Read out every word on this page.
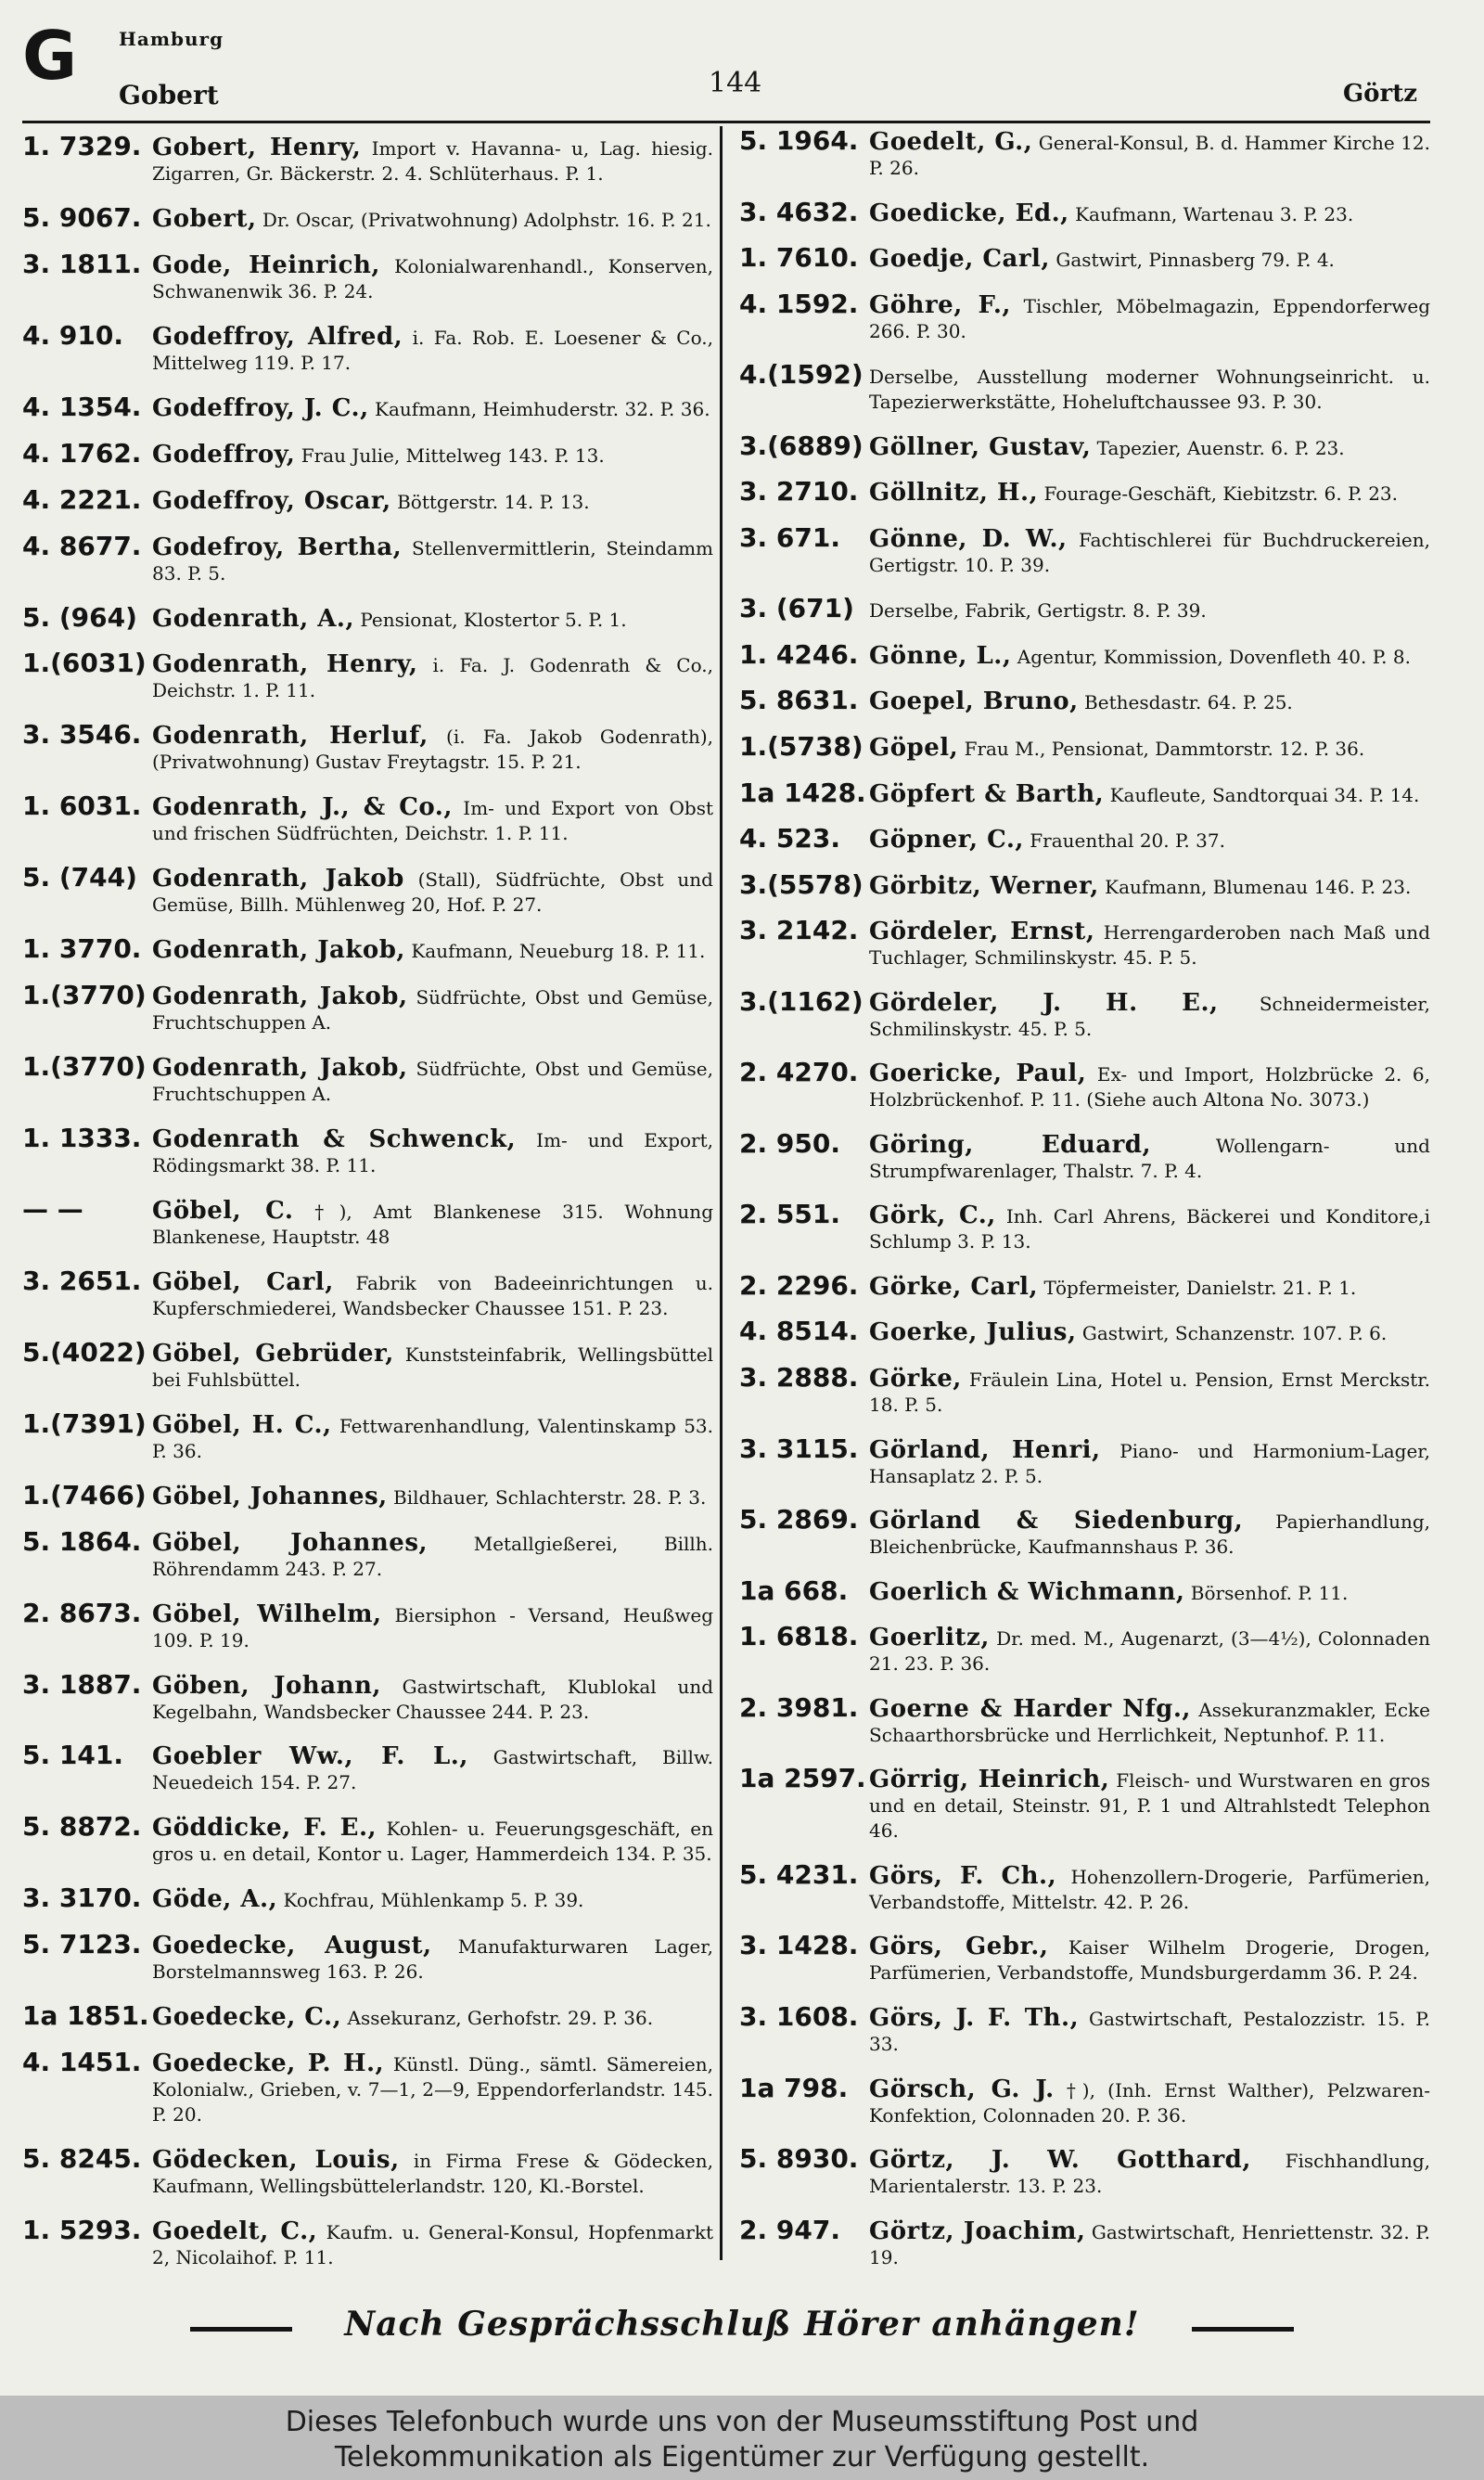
G Hamburg
Gobert	144	Görtz
1. 7329. Gobert, Henry, Import v. Havanna- u, Lag. hiesig. Zigarren, Gr. Bäckerstr. 2. 4. Schlüterhaus. P. 1.
5. 9067. Gobert, Dr. Oscar, (Privatwohnung) Adolphstr. 16. P. 21.
3. 1811. Gode, Heinrich, Kolonialwarenhandl., Konserven, Schwanenwik 36. P. 24.
4. 910.	Godeffroy, Alfred, i. Fa. Rob. E. Loesener & Co., Mittelweg 119. P. 17.
4. 1354. Godeffroy, J. C., Kaufmann, Heimhuderstr. 32. P. 36.
4. 1762. Godeffroy, Frau Julie, Mittelweg 143. P. 13.
4. 2221. Godeffroy, Oscar, Böttgerstr. 14. P. 13.
4. 8677. Godefroy, Bertha, Stellenvermittlerin, Steindamm 83. P. 5.
5. (964) Godenrath, A., Pensionat, Klostertor 5. P. 1.
1.(6031) Godenrath, Henry, i. Fa. J. Godenrath & Co., Deichstr. 1. P. 11.
3. 3546. Godenrath, Herluf, (i. Fa. Jakob Godenrath), (Privatwohnung) Gustav Freytagstr. 15. P. 21.
1. 6031. Godenrath, J., & Co., Im- und Export von Obst und frischen Südfrüchten, Deichstr. 1. P. 11.
5. (744) Godenrath, Jakob (Stall), Südfrüchte, Obst und Gemüse, Billh. Mühlenweg 20, Hof. P. 27.
1. 3770. Godenrath, Jakob, Kaufmann, Neueburg 18. P. 11.
1.(3770) Godenrath, Jakob, Südfrüchte, Obst und Gemüse, Fruchtschuppen A.
1.(3770) Godenrath, Jakob, Südfrüchte, Obst und Gemüse, Fruchtschuppen A.
1. 1333. Godenrath & Schwenck, Im- und Export, Rödingsmarkt 38. P. 11.
— —	Göbel, C. †), Amt Blankenese 315. Wohnung Blankenese, Hauptstr. 48
3. 2651. Göbel, Carl, Fabrik von Badeeinrichtungen u. Kupferschmiederei, Wandsbecker Chaussee 151. P. 23.
5.(4022) Göbel, Gebrüder, Kunststeinfabrik, Wellingsbüttel bei Fuhlsbüttel.
1.(7391) Göbel, H. C., Fettwarenhandlung, Valentinskamp 53. P. 36.
1.(7466) Göbel, Johannes, Bildhauer, Schlachterstr. 28. P. 3.
5. 1864. Göbel, Johannes, Metallgießerei, Billh. Röhrendamm 243. P. 27.
2. 8673. Göbel, Wilhelm, Biersiphon - Versand, Heußweg 109. P. 19.
3. 1887. Göben, Johann, Gastwirtschaft, Klublokal und Kegelbahn, Wandsbecker Chaussee 244. P. 23.
5. 141.	Goebler Ww., F. L., Gastwirtschaft, Billw. Neuedeich 154. P. 27.
5. 8872. Göddicke, F. E., Kohlen- u. Feuerungsgeschäft, en gros u. en detail, Kontor u. Lager, Hammerdeich 134. P. 35.
3. 3170. Göde, A., Kochfrau, Mühlenkamp 5. P. 39.
5. 7123. Goedecke, August, Manufakturwaren Lager, Borstelmannsweg 163. P. 26.
1a 1851. Goedecke, C., Assekuranz, Gerhofstr. 29. P. 36.
4. 1451. Goedecke, P. H., Künstl. Düng., sämtl. Sämereien, Kolonialw., Grieben, v. 7—1, 2—9, Eppendorferlandstr. 145. P. 20.
5. 8245. Gödecken, Louis, in Firma Frese & Gödecken, Kaufmann, Wellingsbüttelerlandstr. 120, Kl.-Borstel.
1. 5293. Goedelt, C., Kaufm. u. General-Konsul, Hopfenmarkt 2, Nicolaihof. P. 11.
5. 1964. Goedelt, G., General-Konsul, B. d. Hammer Kirche 12. P. 26.
3. 4632. Goedicke, Ed., Kaufmann, Wartenau 3. P. 23.
1. 7610. Goedje, Carl, Gastwirt, Pinnasberg 79. P. 4.
4. 1592. Göhre, F., Tischler, Möbelmagazin, Eppendorferweg 266. P. 30.
4.(1592) Derselbe, Ausstellung moderner Wohnungseinricht. u. Tapezierwerkstätte, Hoheluftchaussee 93. P. 30.
3.(6889) Göllner, Gustav, Tapezier, Auenstr. 6. P. 23.
3. 2710. Göllnitz, H., Fourage-Geschäft, Kiebitzstr. 6. P. 23.
3. 671.	Gönne, D. W., Fachtischlerei für Buchdruckereien, Gertigstr. 10. P. 39.
3. (671) Derselbe, Fabrik, Gertigstr. 8. P. 39.
1. 4246. Gönne, L., Agentur, Kommission, Dovenfleth 40. P. 8.
5. 8631. Goepel, Bruno, Bethesdastr. 64. P. 25.
1.(5738) Göpel, Frau M., Pensionat, Dammtorstr. 12. P. 36.
1a 1428. Göpfert & Barth, Kaufleute, Sandtorquai 34. P. 14.
4. 523.	Göpner, C., Frauenthal 20. P. 37.
3.(5578) Görbitz, Werner, Kaufmann, Blumenau 146. P. 23.
3. 2142. Gördeler, Ernst, Herrengarderoben nach Maß und Tuchlager, Schmilinskystr. 45. P. 5.
3.(1162) Gördeler, J. H. E., Schneidermeister, Schmilinskystr. 45. P. 5.
2. 4270. Goericke, Paul, Ex- und Import, Holzbrücke 2. 6, Holzbrückenhof. P. 11. (Siehe auch Altona No. 3073.)
2. 950.	Göring, Eduard,	Wollengarn- und Strumpfwarenlager, Thalstr. 7. P. 4.
2. 551.	Görk, C., Inh. Carl Ahrens, Bäckerei und Konditore,i Schlump 3. P. 13.
2. 2296. Görke, Carl, Töpfermeister, Danielstr. 21. P. 1.
4. 8514. Goerke, Julius, Gastwirt, Schanzenstr. 107. P. 6.
3. 2888. Görke, Fräulein Lina, Hotel u. Pension, Ernst Merckstr. 18. P. 5.
3. 3115. Görland, Henri, Piano- und Harmonium-Lager, Hansaplatz 2. P. 5.
5. 2869. Görland & Siedenburg, Papierhandlung, Bleichenbrücke, Kaufmannshaus P. 36.
1a 668. Goerlich & Wichmann, Börsenhof. P. 11.
1. 6818. Goerlitz, Dr. med. M., Augenarzt, (3—4½), Colonnaden 21. 23. P. 36.
2. 3981. Goerne & Harder Nfg., Assekuranzmakler, Ecke Schaarthorsbrücke und Herrlichkeit, Neptunhof. P. 11.
1a 2597. Görrig, Heinrich, Fleisch- und Wurstwaren en gros und en detail, Steinstr. 91, P. 1 und Altrahlstedt Telephon 46.
5. 4231. Görs, F. Ch., Hohenzollern-Drogerie, Parfümerien, Verbandstoffe, Mittelstr. 42. P. 26.
3. 1428. Görs, Gebr., Kaiser Wilhelm Drogerie, Drogen, Parfümerien, Verbandstoffe, Mundsburgerdamm 36. P. 24.
3. 1608. Görs, J. F. Th., Gastwirtschaft, Pestalozzistr. 15. P. 33.
1a 798. Görsch, G. J. †), (Inh. Ernst Walther), Pelzwaren- Konfektion, Colonnaden 20. P. 36.
5. 8930. Görtz, J. W. Gotthard, Fischhandlung, Marientalerstr. 13. P. 23.
2. 947.	Görtz, Joachim, Gastwirtschaft, Henriettenstr. 32. P. 19.
Nach Gesprächsschluß Hörer anhängen!
Dieses Telefonbuch wurde uns von der Museumsstiftung Post und
Telekommunikation als Eigentümer zur Verfügung gestellt.
